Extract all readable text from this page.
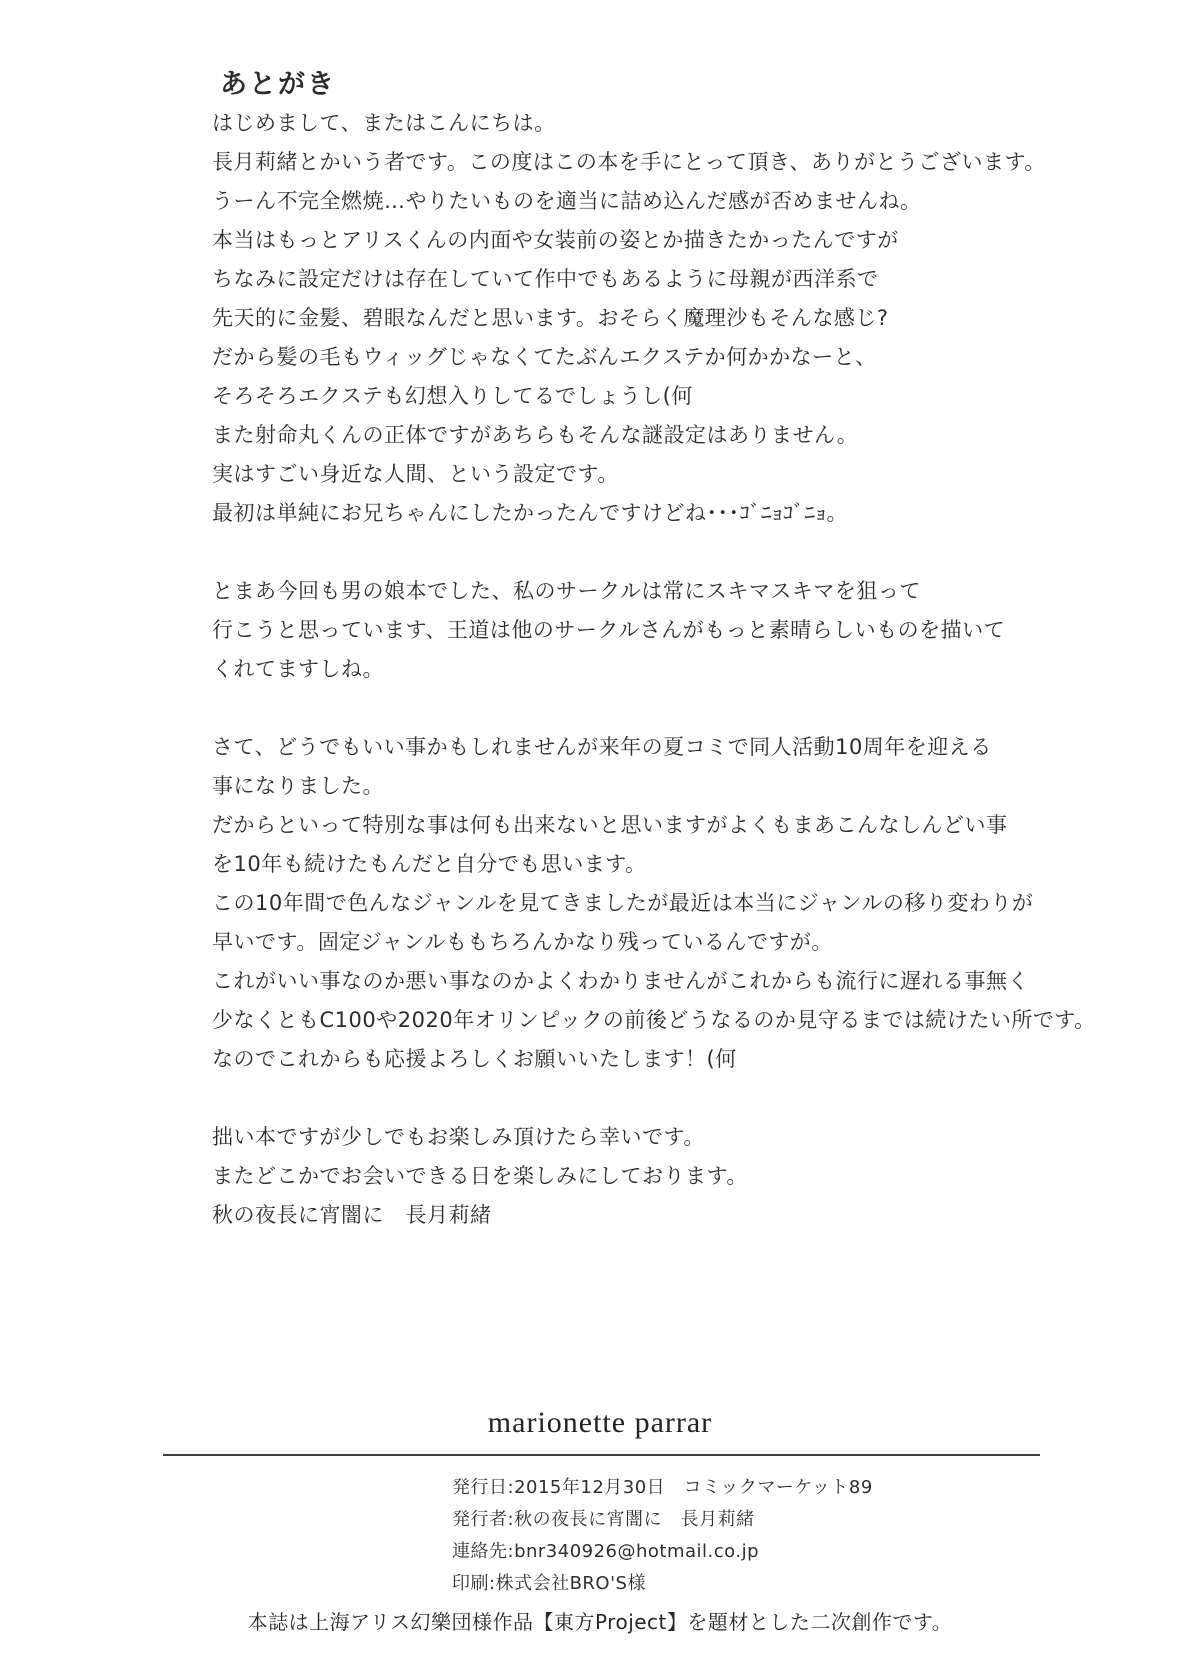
あとがき
はじめまして、またはこんにちは。
長月莉緒とかいう者です。この度はこの本を手にとって頂き、ありがとうございます。
うーん不完全燃焼…やりたいものを適当に詰め込んだ感が否めませんね。
本当はもっとアリスくんの内面や女装前の姿とか描きたかったんですが
ちなみに設定だけは存在していて作中でもあるように母親が西洋系で
先天的に金髪、碧眼なんだと思います。おそらく魔理沙もそんな感じ?
だから髪の毛もウィッグじゃなくてたぶんエクステか何かかなーと、
そろそろエクステも幻想入りしてるでしょうし(何
また射命丸くんの正体ですがあちらもそんな謎設定はありません。
実はすごい身近な人間、という設定です。
最初は単純にお兄ちゃんにしたかったんですけどね･･･ｺﾞﾆｮｺﾞﾆｮ。
とまあ今回も男の娘本でした、私のサークルは常にスキマスキマを狙って
行こうと思っています、王道は他のサークルさんがもっと素晴らしいものを描いて
くれてますしね。
さて、どうでもいい事かもしれませんが来年の夏コミで同人活動10周年を迎える
事になりました。
だからといって特別な事は何も出来ないと思いますがよくもまあこんなしんどい事
を10年も続けたもんだと自分でも思います。
この10年間で色んなジャンルを見てきましたが最近は本当にジャンルの移り変わりが
早いです。固定ジャンルももちろんかなり残っているんですが。
これがいい事なのか悪い事なのかよくわかりませんがこれからも流行に遅れる事無く
少なくともC100や2020年オリンピックの前後どうなるのか見守るまでは続けたい所です。
なのでこれからも応援よろしくお願いいたします！(何
拙い本ですが少しでもお楽しみ頂けたら幸いです。
またどこかでお会いできる日を楽しみにしております。
秋の夜長に宵闇に　長月莉緒
marionette parrar
発行日:2015年12月30日　コミックマーケット89
発行者:秋の夜長に宵闇に　長月莉緒
連絡先:bnr340926@hotmail.co.jp
印刷:株式会社BRO'S様
本誌は上海アリス幻樂団様作品【東方Project】を題材とした二次創作です。
